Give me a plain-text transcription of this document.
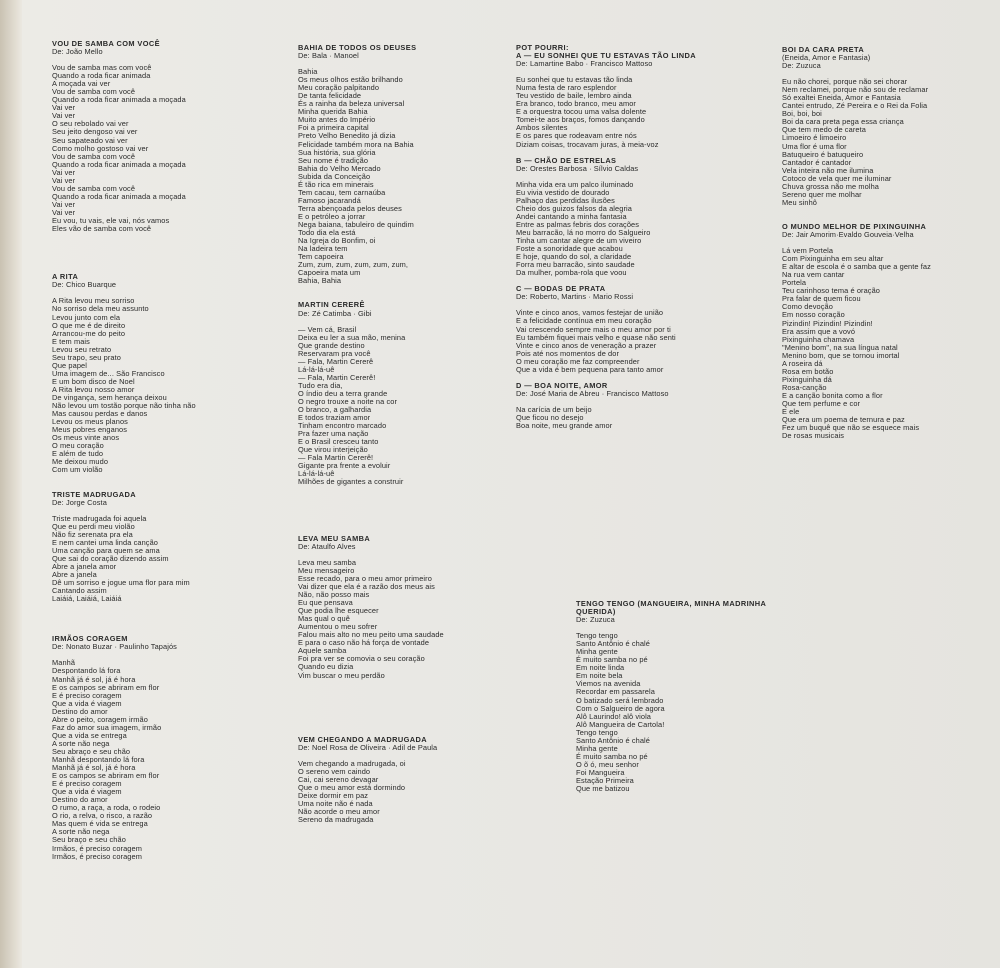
VOU DE SAMBA COM VOCÊ
De: João Mello
Vou de samba mas com você
Quando a roda ficar animada
A moçada vai ver
Vou de samba com você
Quando a roda ficar animada a moçada
Vai ver
Vai ver
O seu rebolado vai ver
Seu jeito dengoso vai ver
Seu sapateado vai ver
Como molho gostoso vai ver
Vou de samba com você
Quando a roda ficar animada a moçada
Vai ver
Vai ver
Vou de samba com você
Quando a roda ficar animada a moçada
Vai ver
Vai ver
Eu vou, tu vais, ele vai, nós vamos
Eles vão de samba com você
A RITA
De: Chico Buarque
A Rita levou meu sorriso
No sorriso dela meu assunto
Levou junto com ela
O que me é de direito
Arrancou-me do peito
E tem mais
Levou seu retrato
Seu trapo, seu prato
Que papel
Uma imagem de... São Francisco
E um bom disco de Noel
A Rita levou nosso amor
De vingança, sem herança deixou
Não levou um tostão porque não tinha não
Mas causou perdas e danos
Levou os meus planos
Meus pobres enganos
Os meus vinte anos
O meu coração
E além de tudo
Me deixou mudo
Com um violão
TRISTE MADRUGADA
De: Jorge Costa
Triste madrugada foi aquela
Que eu perdi meu violão
Não fiz serenata pra ela
E nem cantei uma linda canção
Uma canção para quem se ama
Que sai do coração dizendo assim
Abre a janela amor
Abre a janela
Dê um sorriso e jogue uma flor para mim
Cantando assim
Laiáiá, Laiáiá, Laiáiá
IRMÃOS CORAGEM
De: Nonato Buzar · Paulinho Tapajós
Manhã
Despontando lá fora
Manhã já é sol, já é hora
E os campos se abriram em flor
E é preciso coragem
Que a vida é viagem
Destino do amor
Abre o peito, coragem irmão
Faz do amor sua imagem, irmão
Que a vida se entrega
A sorte não nega
Seu abraço e seu chão
Manhã despontando lá fora
Manhã já é sol, já é hora
E os campos se abriram em flor
E é preciso coragem
Que a vida é viagem
Destino do amor
O rumo, a raça, a roda, o rodeio
O rio, a relva, o risco, a razão
Mas quem é vida se entrega
A sorte não nega
Seu braço e seu chão
Irmãos, é preciso coragem
Irmãos, é preciso coragem
BAHIA DE TODOS OS DEUSES
De: Bala · Manoel
Bahia
Os meus olhos estão brilhando
Meu coração palpitando
De tanta felicidade
És a rainha da beleza universal
Minha querida Bahia
Muito antes do Império
Foi a primeira capital
Preto Velho Benedito já dizia
Felicidade também mora na Bahia
Sua história, sua glória
Seu nome é tradição
Bahia do Velho Mercado
Subida da Conceição
É tão rica em minerais
Tem cacau, tem carnaúba
Famoso jacarandá
Terra abençoada pelos deuses
E o petróleo a jorrar
Nega baiana, tabuleiro de quindim
Todo dia ela está
Na Igreja do Bonfim, oi
Na ladeira tem
Tem capoeira
Zum, zum, zum, zum, zum, zum,
Capoeira mata um
Bahia, Bahia
MARTIN CERERÊ
De: Zé Catimba · Gibi
— Vem cá, Brasil
Deixa eu ler a sua mão, menina
Que grande destino
Reservaram pra você
— Fala, Martin Cererê
Lá-lá-lá-uê
— Fala, Martin Cererê!
Tudo era dia,
O índio deu a terra grande
O negro trouxe a noite na cor
O branco, a galhardia
E todos traziam amor
Tinham encontro marcado
Pra fazer uma nação
E o Brasil cresceu tanto
Que virou interjeição
— Fala Martin Cererê!
Gigante pra frente a evoluir
Lá-lá-lá-uê
Milhões de gigantes a construir
LEVA MEU SAMBA
De: Ataulfo Alves
Leva meu samba
Meu mensageiro
Esse recado, para o meu amor primeiro
Vai dizer que ela é a razão dos meus ais
Não, não posso mais
Eu que pensava
Que podia lhe esquecer
Mas qual o quê
Aumentou o meu sofrer
Falou mais alto no meu peito uma saudade
E para o caso não há força de vontade
Aquele samba
Foi pra ver se comovia o seu coração
Quando eu dizia
Vim buscar o meu perdão
VEM CHEGANDO A MADRUGADA
De: Noel Rosa de Oliveira · Adil de Paula
Vem chegando a madrugada, oi
O sereno vem caindo
Cai, cai sereno devagar
Que o meu amor está dormindo
Deixe dormir em paz
Uma noite não é nada
Não acorde o meu amor
Sereno da madrugada
POT POURRI:
A — EU SONHEI QUE TU ESTAVAS TÃO LINDA
De: Lamartine Babo · Francisco Mattoso
Eu sonhei que tu estavas tão linda
Numa festa de raro esplendor
Teu vestido de baile, lembro ainda
Era branco, todo branco, meu amor
E a orquestra tocou uma valsa dolente
Tomei-te aos braços, fomos dançando
Ambos silentes
E os pares que rodeavam entre nós
Diziam coisas, trocavam juras, à meia-voz
B — CHÃO DE ESTRELAS
De: Orestes Barbosa · Sílvio Caldas
Minha vida era um palco iluminado
Eu vivia vestido de dourado
Palhaço das perdidas ilusões
Cheio dos guizos falsos da alegria
Andei cantando a minha fantasia
Entre as palmas febris dos corações
Meu barracão, lá no morro do Salgueiro
Tinha um cantar alegre de um viveiro
Foste a sonoridade que acabou
E hoje, quando do sol, a claridade
Forra meu barracão, sinto saudade
Da mulher, pomba-rola que voou
C — BODAS DE PRATA
De: Roberto, Martins · Mario Rossi
Vinte e cinco anos, vamos festejar de união
E a felicidade contínua em meu coração
Vai crescendo sempre mais o meu amor por ti
Eu também fiquei mais velho e quase não senti
Vinte e cinco anos de veneração a prazer
Pois até nos momentos de dor
O meu coração me faz compreender
Que a vida é bem pequena para tanto amor
D — BOA NOITE, AMOR
De: José Maria de Abreu · Francisco Mattoso
Na carícia de um beijo
Que ficou no desejo
Boa noite, meu grande amor
BOI DA CARA PRETA
(Eneida, Amor e Fantasia)
De: Zuzuca
Eu não chorei, porque não sei chorar
Nem reclamei, porque não sou de reclamar
Só exaltei Eneida, Amor e Fantasia
Cantei entrudo, Zé Pereira e o Rei da Folia
Boi, boi, boi
Boi da cara preta pega essa criança
Que tem medo de careta
Limoeiro é limoeiro
Uma flor é uma flor
Batuqueiro é batuqueiro
Cantador é cantador
Vela inteira não me ilumina
Cotoco de vela quer me iluminar
Chuva grossa não me molha
Sereno quer me molhar
Meu sinhô
O MUNDO MELHOR DE PIXINGUINHA
De: Jair Amorim·Evaldo Gouveia·Velha
Lá vem Portela
Com Pixinguinha em seu altar
E altar de escola é o samba que a gente faz
Na rua vem cantar
Portela
Teu carinhoso tema é oração
Pra falar de quem ficou
Como devoção
Em nosso coração
Pizindin! Pizindin! Pizindin!
Era assim que a vovó
Pixinguinha chamava
"Menino bom", na sua língua natal
Menino bom, que se tornou imortal
A roseira dá
Rosa em botão
Pixinguinha dá
Rosa-canção
E a canção bonita como a flor
Que tem perfume e cor
E ele
Que era um poema de ternura e paz
Fez um buquê que não se esquece mais
De rosas musicais
TENGO TENGO (MANGUEIRA, MINHA MADRINHA QUERIDA)
De: Zuzuca
Tengo tengo
Santo Antônio é chalé
Minha gente
É muito samba no pé
Em noite linda
Em noite bela
Viemos na avenida
Recordar em passarela
O batizado será lembrado
Com o Salgueiro de agora
Alô Laurindo! alô viola
Alô Mangueira de Cartola!
Tengo tengo
Santo Antônio é chalé
Minha gente
É muito samba no pé
O õ ó, meu senhor
Foi Mangueira
Estação Primeira
Que me batizou
